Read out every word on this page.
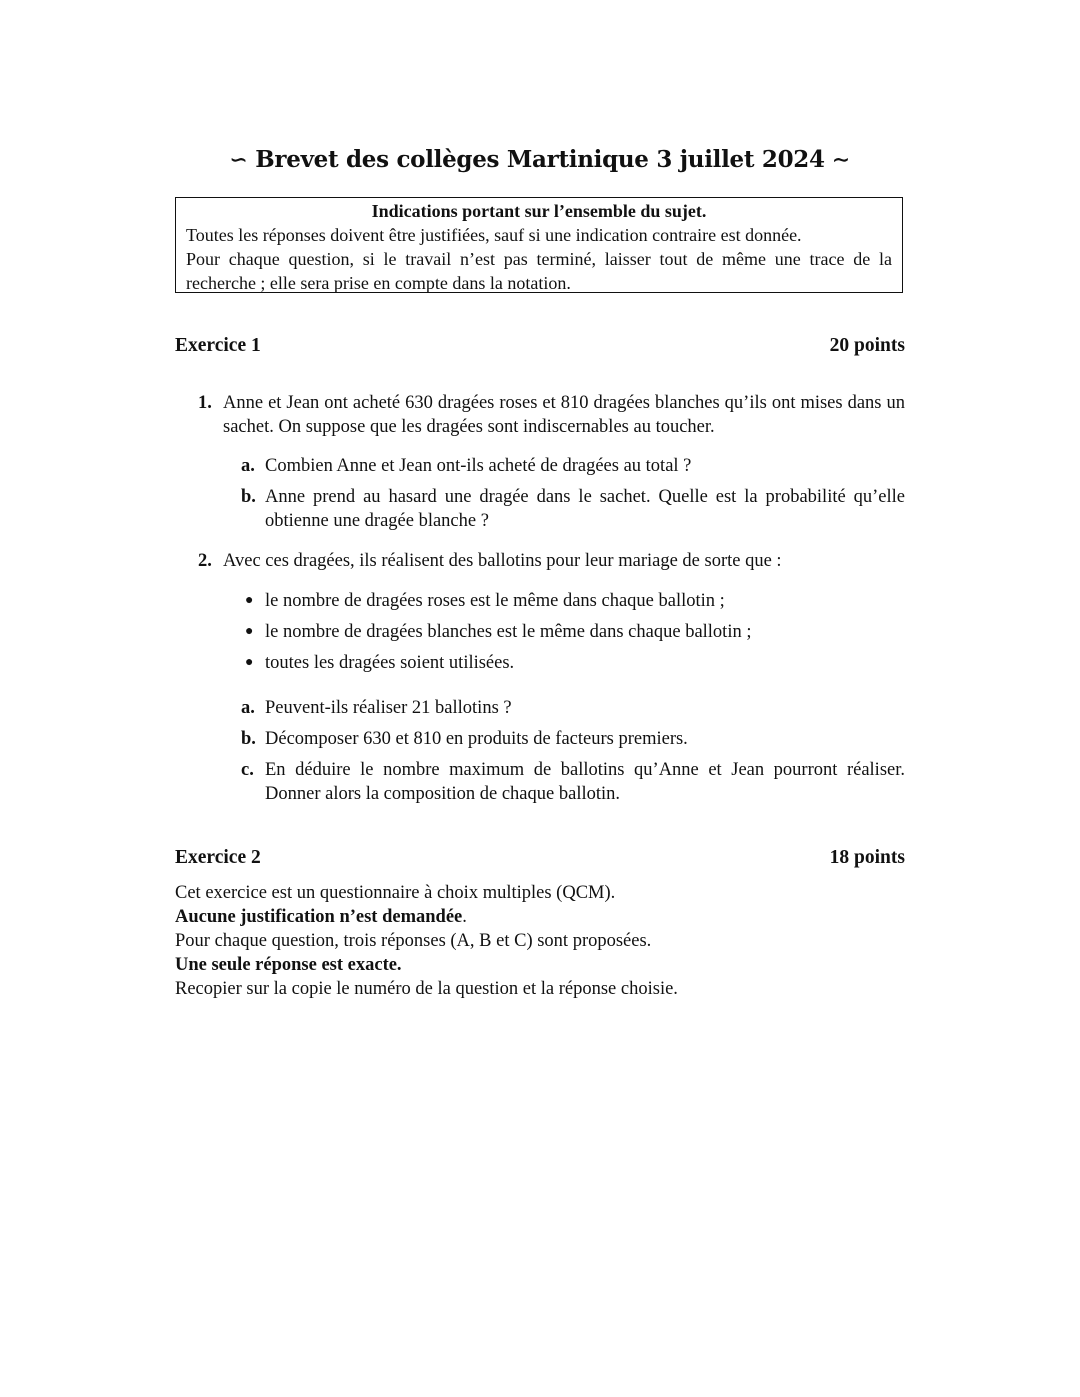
∽ Brevet des collèges Martinique 3 juillet 2024 ∽
Indications portant sur l’ensemble du sujet.
Toutes les réponses doivent être justifiées, sauf si une indication contraire est donnée.
Pour chaque question, si le travail n’est pas terminé, laisser tout de même une trace de la recherche ; elle sera prise en compte dans la notation.
Exercice 1	20 points
1. Anne et Jean ont acheté 630 dragées roses et 810 dragées blanches qu’ils ont mises dans un sachet. On suppose que les dragées sont indiscernables au toucher.
a. Combien Anne et Jean ont-ils acheté de dragées au total ?
b. Anne prend au hasard une dragée dans le sachet. Quelle est la probabilité qu’elle obtienne une dragée blanche ?
2. Avec ces dragées, ils réalisent des ballotins pour leur mariage de sorte que :
● le nombre de dragées roses est le même dans chaque ballotin ;
● le nombre de dragées blanches est le même dans chaque ballotin ;
● toutes les dragées soient utilisées.
a. Peuvent-ils réaliser 21 ballotins ?
b. Décomposer 630 et 810 en produits de facteurs premiers.
c. En déduire le nombre maximum de ballotins qu’Anne et Jean pourront réaliser. Donner alors la composition de chaque ballotin.
Exercice 2	18 points
Cet exercice est un questionnaire à choix multiples (QCM).
Aucune justification n’est demandée.
Pour chaque question, trois réponses (A, B et C) sont proposées.
Une seule réponse est exacte.
Recopier sur la copie le numéro de la question et la réponse choisie.
